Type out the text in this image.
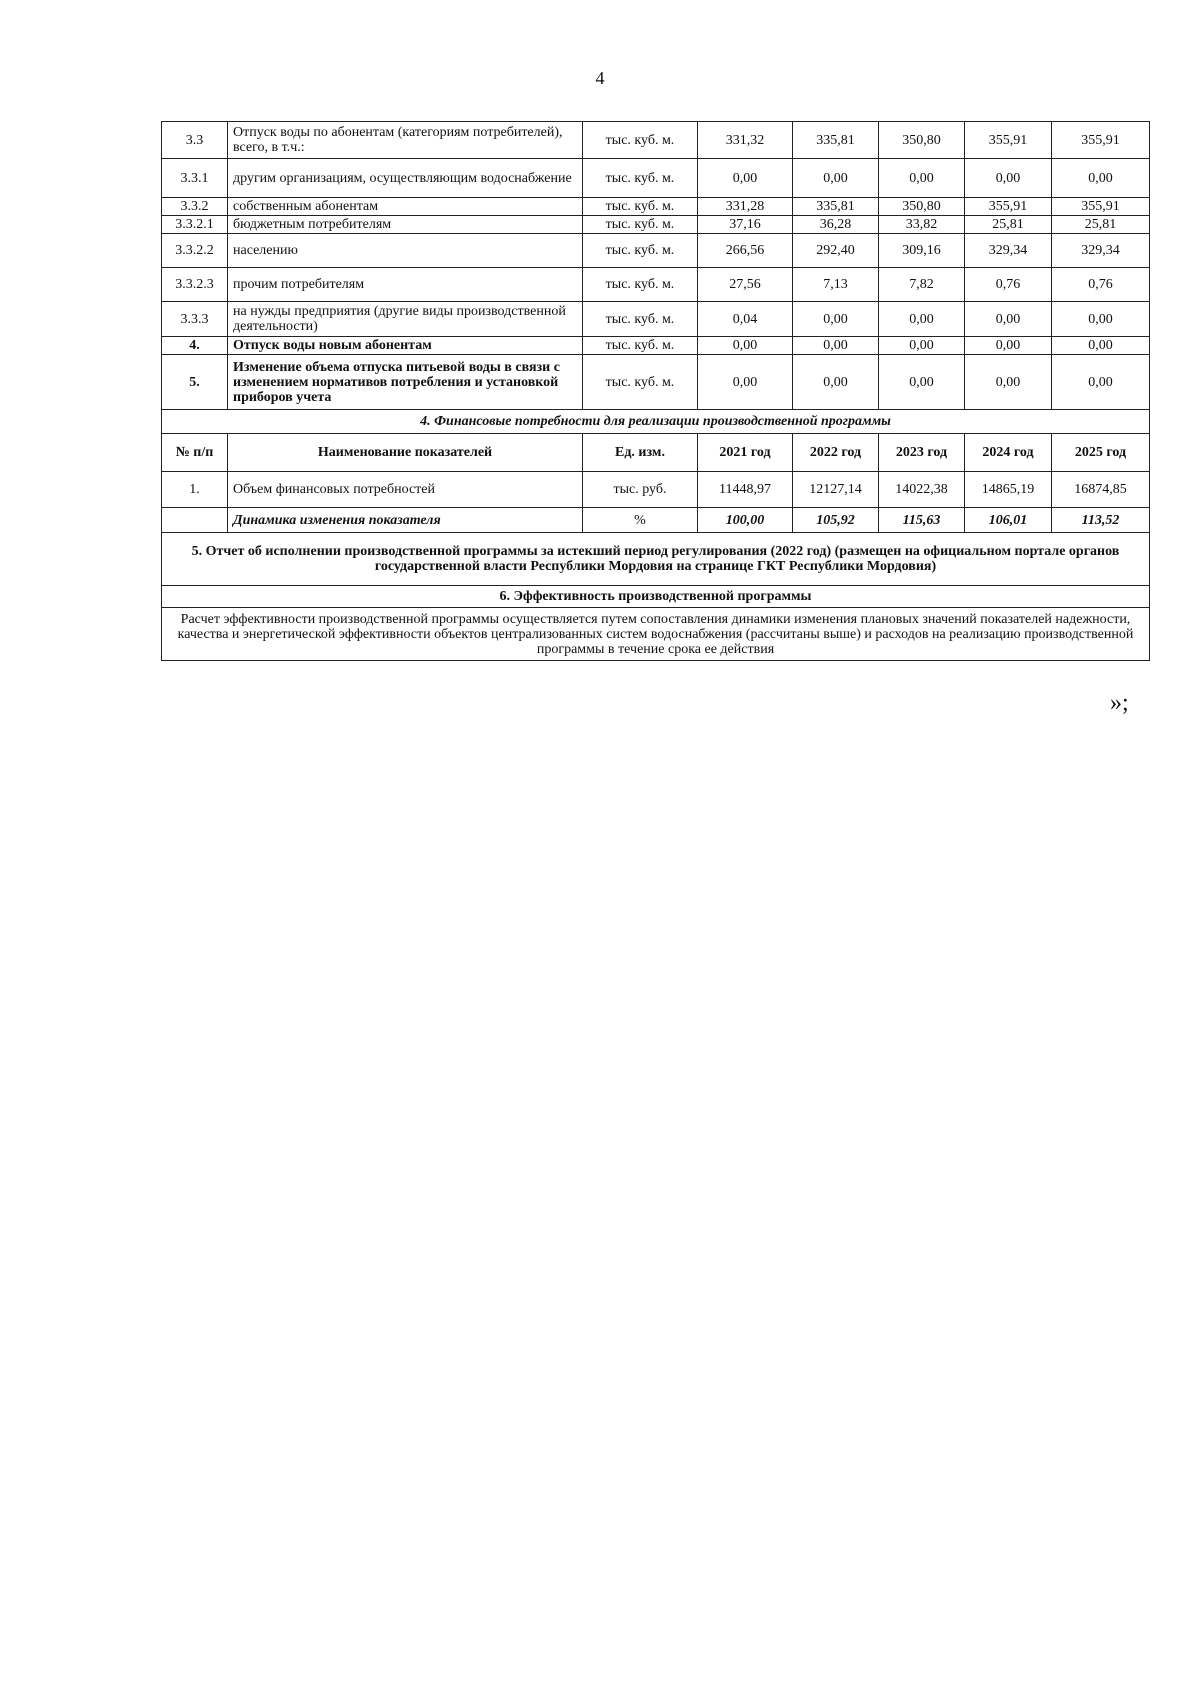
4
3.3	Отпуск воды по абонентам (категориям потребителей), всего, в т.ч.:	тыс. куб. м.	331,32	335,81	350,80	355,91	355,91
3.3.1	другим организациям, осуществляющим водоснабжение	тыс. куб. м.	0,00	0,00	0,00	0,00	0,00
3.3.2	собственным абонентам	тыс. куб. м.	331,28	335,81	350,80	355,91	355,91
3.3.2.1	бюджетным потребителям	тыс. куб. м.	37,16	36,28	33,82	25,81	25,81
3.3.2.2	населению	тыс. куб. м.	266,56	292,40	309,16	329,34	329,34
3.3.2.3	прочим потребителям	тыс. куб. м.	27,56	7,13	7,82	0,76	0,76
3.3.3	на нужды предприятия (другие виды производственной деятельности)	тыс. куб. м.	0,04	0,00	0,00	0,00	0,00
4.	Отпуск воды новым абонентам	тыс. куб. м.	0,00	0,00	0,00	0,00	0,00
5.	Изменение объема отпуска питьевой воды в связи с изменением нормативов потребления и установкой приборов учета	тыс. куб. м.	0,00	0,00	0,00	0,00	0,00
4. Финансовые потребности для реализации производственной программы							
№ п/п	Наименование показателей	Ед. изм.	2021 год	2022 год	2023 год	2024 год	2025 год
1.	Объем финансовых потребностей	тыс. руб.	11448,97	12127,14	14022,38	14865,19	16874,85
	Динамика изменения показателя	%	100,00	105,92	115,63	106,01	113,52
5. Отчет об исполнении производственной программы за истекший период регулирования (2022 год) (размещен на официальном портале органов государственной власти Республики Мордовия на странице ГКТ Республики Мордовия)							
6. Эффективность производственной программы							
Расчет эффективности производственной программы осуществляется путем сопоставления динамики изменения плановых значений показателей надежности, качества и энергетической эффективности объектов централизованных систем водоснабжения (рассчитаны выше) и расходов на реализацию производственной программы в течение срока ее действия							
»;
